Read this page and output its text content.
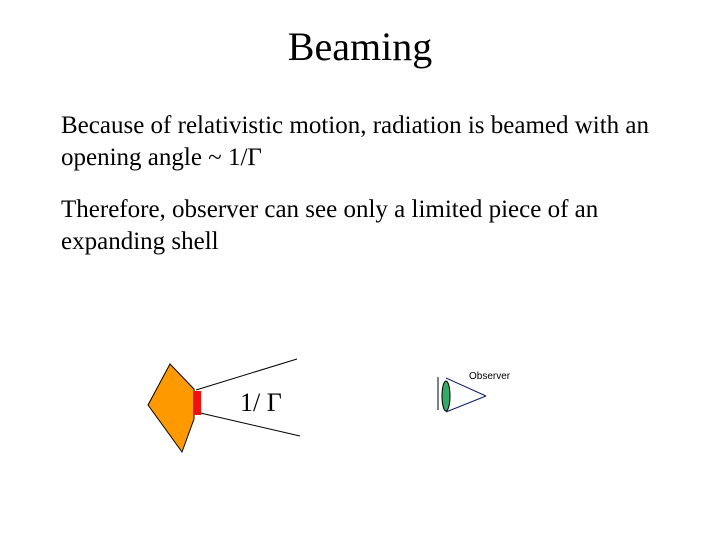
Beaming
Because of relativistic motion, radiation is beamed with an opening angle ~ 1/Γ
Therefore, observer can see only a limited piece of an expanding shell
1/ Γ
Observer
